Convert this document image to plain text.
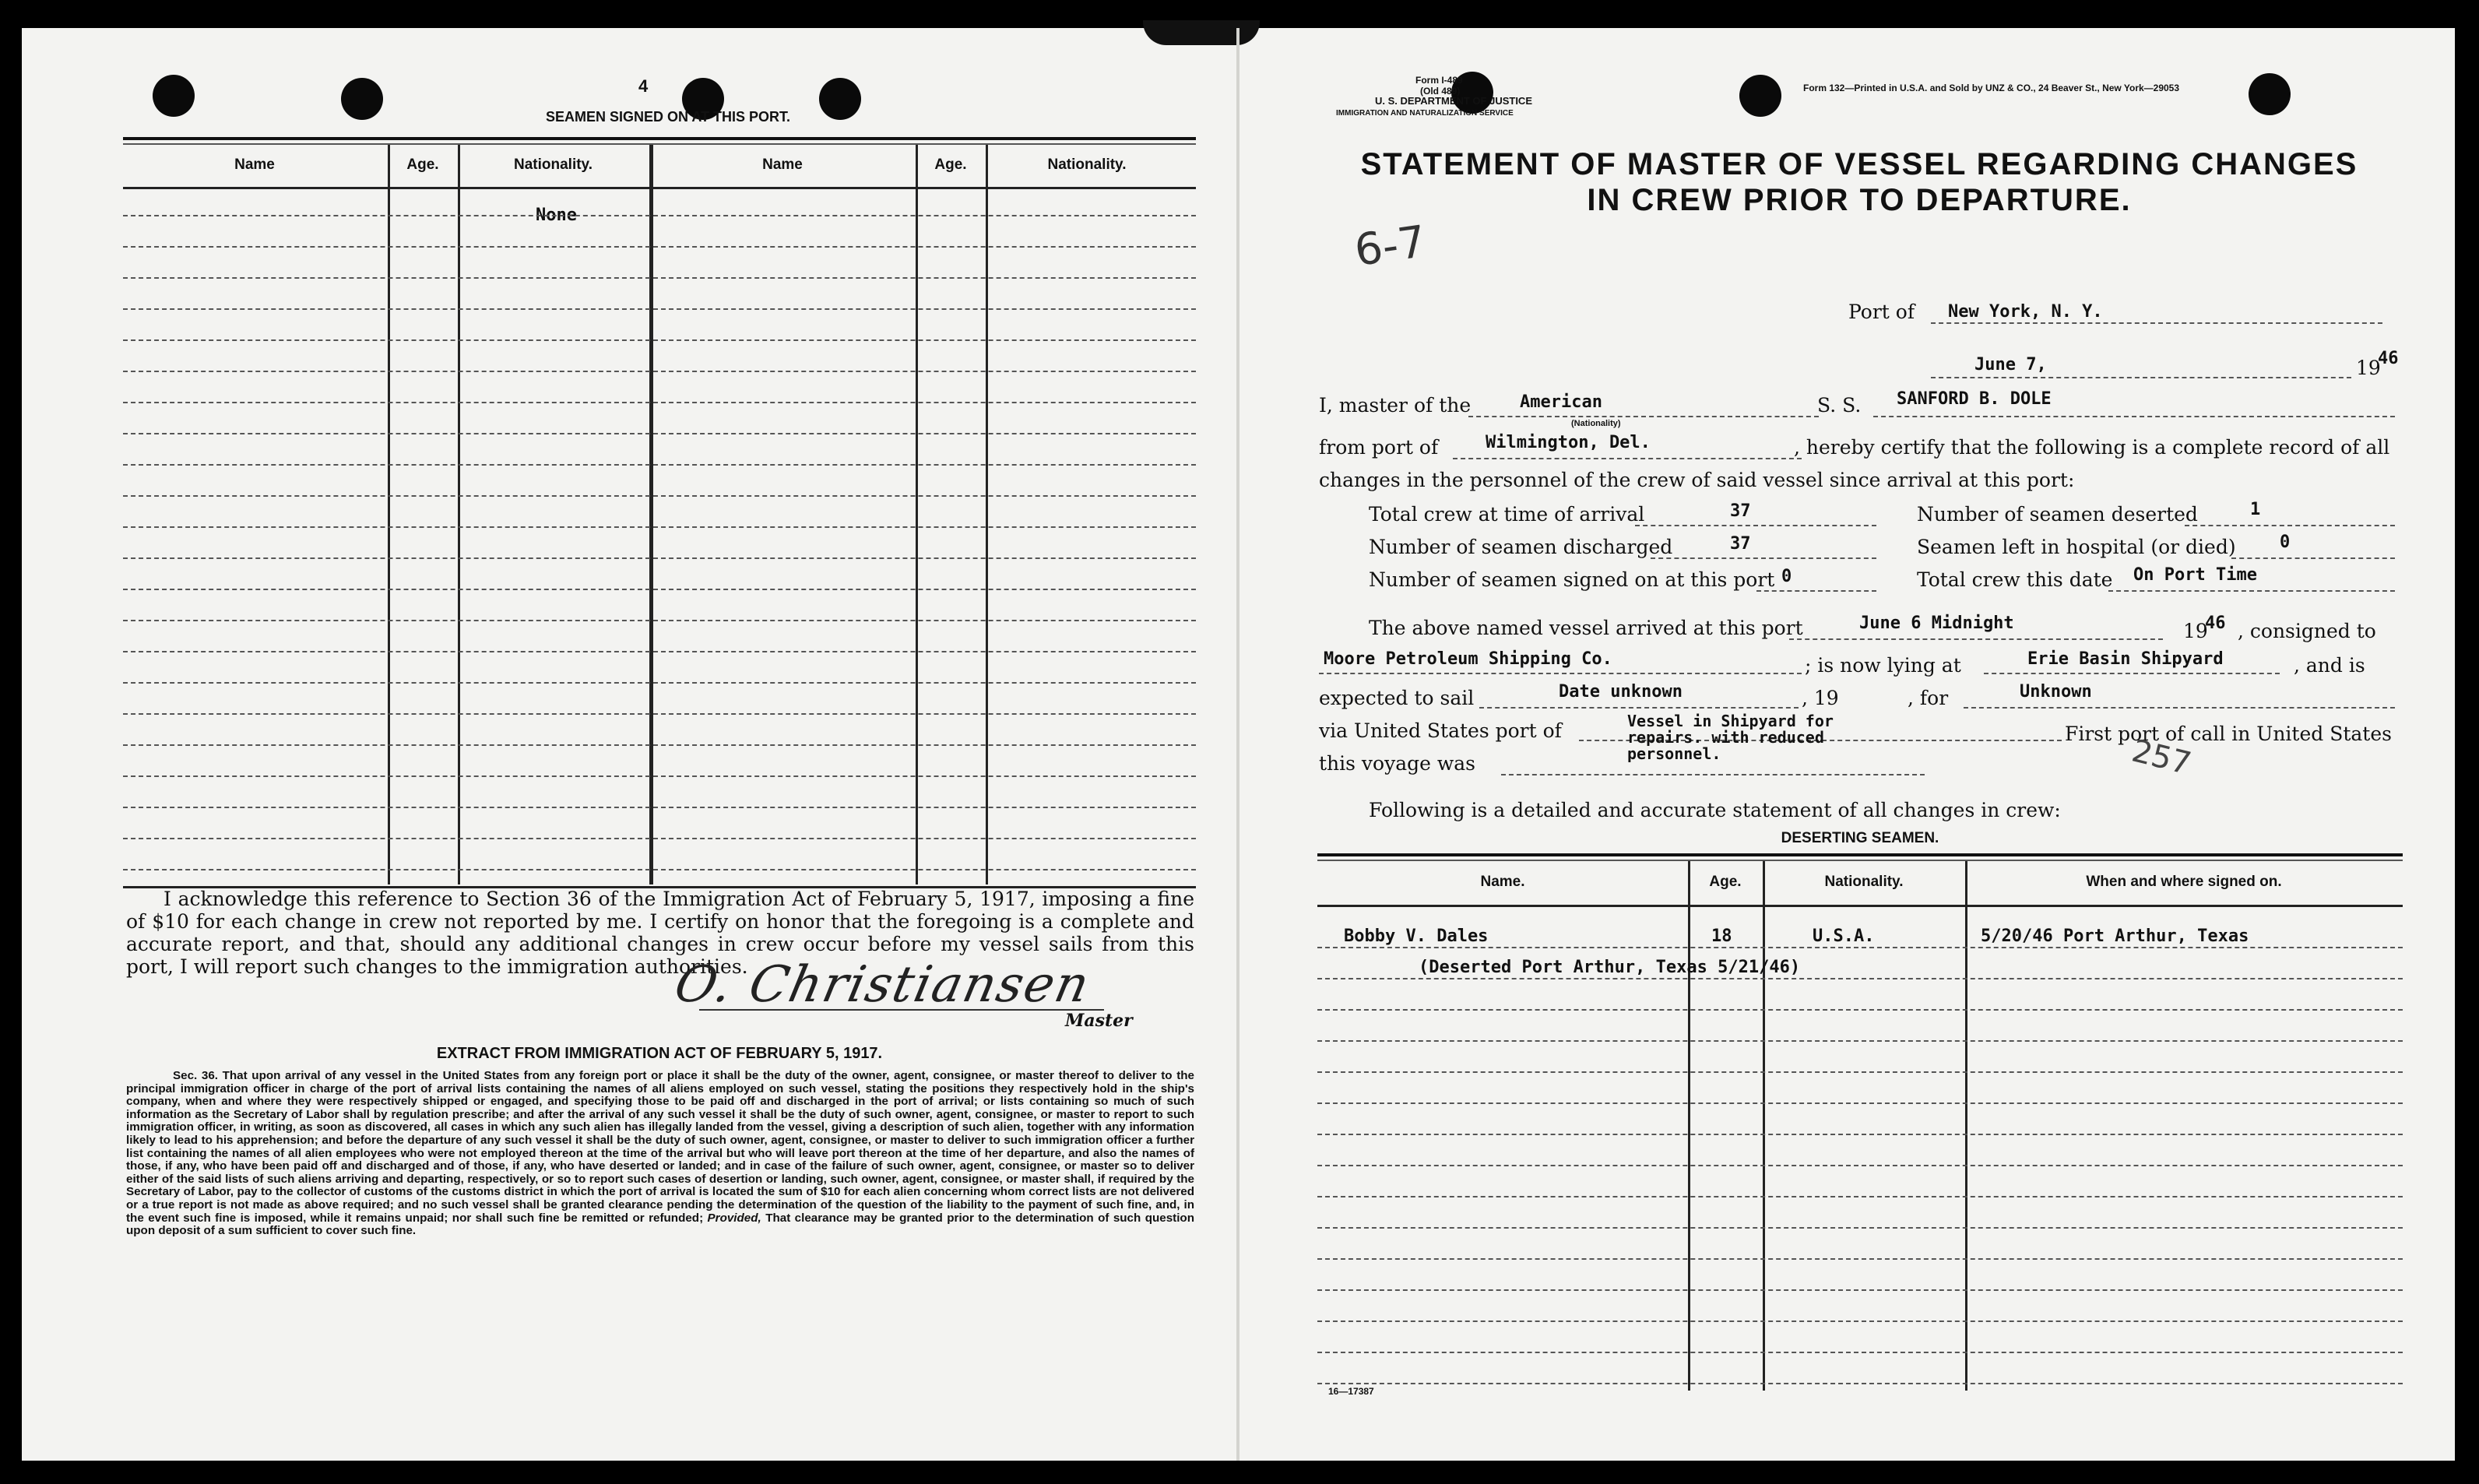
4
SEAMEN SIGNED ON AT THIS PORT.
Name	Age.	Nationality.	Name	Age.	Nationality.
None
I acknowledge this reference to Section 36 of the Immigration Act of February 5, 1917, imposing a fine of $10 for each change in crew not reported by me. I certify on honor that the foregoing is a complete and accurate report, and that, should any additional changes in crew occur before my vessel sails from this port, I will report such changes to the immigration authorities.
O. Christiansen
Master
EXTRACT FROM IMMIGRATION ACT OF FEBRUARY 5, 1917.
Sec. 36. That upon arrival of any vessel in the United States from any foreign port or place it shall be the duty of the owner, agent, consignee, or master thereof to deliver to the principal immigration officer in charge of the port of arrival lists containing the names of all aliens employed on such vessel, stating the positions they respectively hold in the ship's company, when and where they were respectively shipped or engaged, and specifying those to be paid off and discharged in the port of arrival; or lists containing so much of such information as the Secretary of Labor shall by regulation prescribe; and after the arrival of any such vessel it shall be the duty of such owner, agent, consignee, or master to report to such immigration officer, in writing, as soon as discovered, all cases in which any such alien has illegally landed from the vessel, giving a description of such alien, together with any information likely to lead to his apprehension; and before the departure of any such vessel it shall be the duty of such owner, agent, consignee, or master to deliver to such immigration officer a further list containing the names of all alien employees who were not employed thereon at the time of the arrival but who will leave port thereon at the time of her departure, and also the names of those, if any, who have been paid off and discharged and of those, if any, who have deserted or landed; and in case of the failure of such owner, agent, consignee, or master so to deliver either of the said lists of such aliens arriving and departing, respectively, or so to report such cases of desertion or landing, such owner, agent, consignee, or master shall, if required by the Secretary of Labor, pay to the collector of customs of the customs district in which the port of arrival is located the sum of $10 for each alien concerning whom correct lists are not delivered or a true report is not made as above required; and no such vessel shall be granted clearance pending the determination of the question of the liability to the payment of such fine, and, in the event such fine is imposed, while it remains unpaid; nor shall such fine be remitted or refunded; Provided, That clearance may be granted prior to the determination of such question upon deposit of a sum sufficient to cover such fine.
Form I-489
(Old 489)
U. S. DEPARTMENT OF JUSTICE
IMMIGRATION AND NATURALIZATION SERVICE
Form 132—Printed in U.S.A. and Sold by UNZ & CO., 24 Beaver St., New York—29053
STATEMENT OF MASTER OF VESSEL REGARDING CHANGES
IN CREW PRIOR TO DEPARTURE.
6-7
Port of New York, N. Y.
June 7,	19
46
I, master of the	American
(Nationality)
S. S. SANFORD B. DOLE
from port of	Wilmington, Del.	, hereby certify that the following is a complete record of all
changes in the personnel of the crew of said vessel since arrival at this port:
Total crew at time of arrival	37	Number of seamen deserted	1
Number of seamen discharged	37	Seamen left in hospital (or died)	0
Number of seamen signed on at this port 0	Total crew this date On Port Time
The above named vessel arrived at this port	June 6 Midnight	19
46 , consigned to
Moore Petroleum Shipping Co.	; is now lying at	Erie Basin Shipyard	, and is
expected to sail	Date unknown	, 19	, for	Unknown
via United States port of	Vessel in Shipyard for repairs. with reduced personnel.
First port of call in United States
this voyage was	257
Following is a detailed and accurate statement of all changes in crew:
DESERTING SEAMEN.
Name.	Age.	Nationality.	When and where signed on.
Bobby V. Dales	18	U.S.A.	5/20/46 Port Arthur, Texas
(Deserted Port Arthur, Texas 5/21/46)
16—17387
